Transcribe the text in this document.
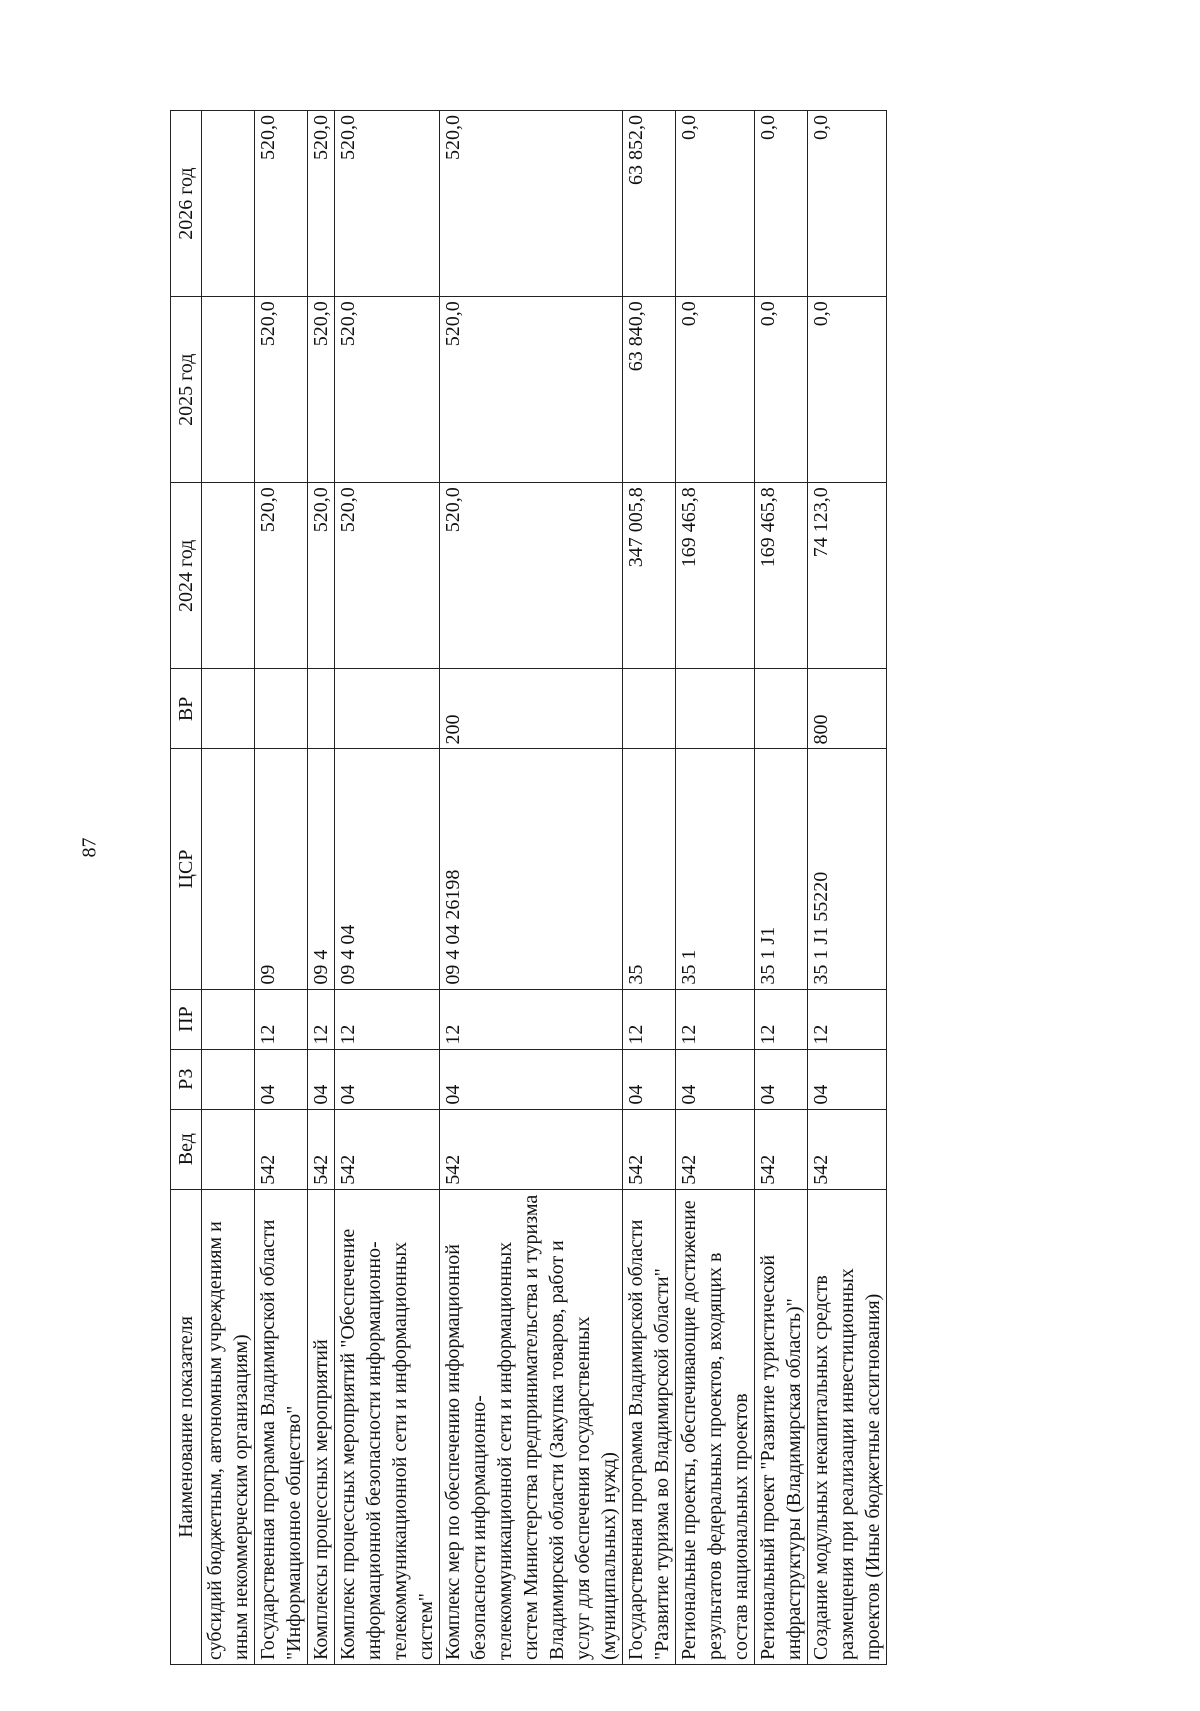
87
Наименование показателя	Вед	РЗ	ПР	ЦСР	ВР	2024 год	2025 год	2026 год
субсидий бюджетным, автономным учреждениям и иным некоммерческим организациям)								
Государственная программа Владимирской области "Информационное общество"	542	04	12	09		520,0	520,0	520,0
Комплексы процессных мероприятий	542	04	12	09 4		520,0	520,0	520,0
Комплекс процессных мероприятий "Обеспечение информационной безопасности информационно-телекоммуникационной сети и информационных систем"	542	04	12	09 4 04		520,0	520,0	520,0
Комплекс мер по обеспечению информационной безопасности информационно-телекоммуникационной сети и информационных систем Министерства предпринимательства и туризма Владимирской области (Закупка товаров, работ и услуг для обеспечения государственных (муниципальных) нужд)	542	04	12	09 4 04 26198	200	520,0	520,0	520,0
Государственная программа Владимирской области "Развитие туризма во Владимирской области"	542	04	12	35		347 005,8	63 840,0	63 852,0
Региональные проекты, обеспечивающие достижение результатов федеральных проектов, входящих в состав национальных проектов	542	04	12	35 1		169 465,8	0,0	0,0
Региональный проект "Развитие туристической инфраструктуры (Владимирская область)"	542	04	12	35 1 J1		169 465,8	0,0	0,0
Создание модульных некапитальных средств размещения при реализации инвестиционных проектов (Иные бюджетные ассигнования)	542	04	12	35 1 J1 55220	800	74 123,0	0,0	0,0
